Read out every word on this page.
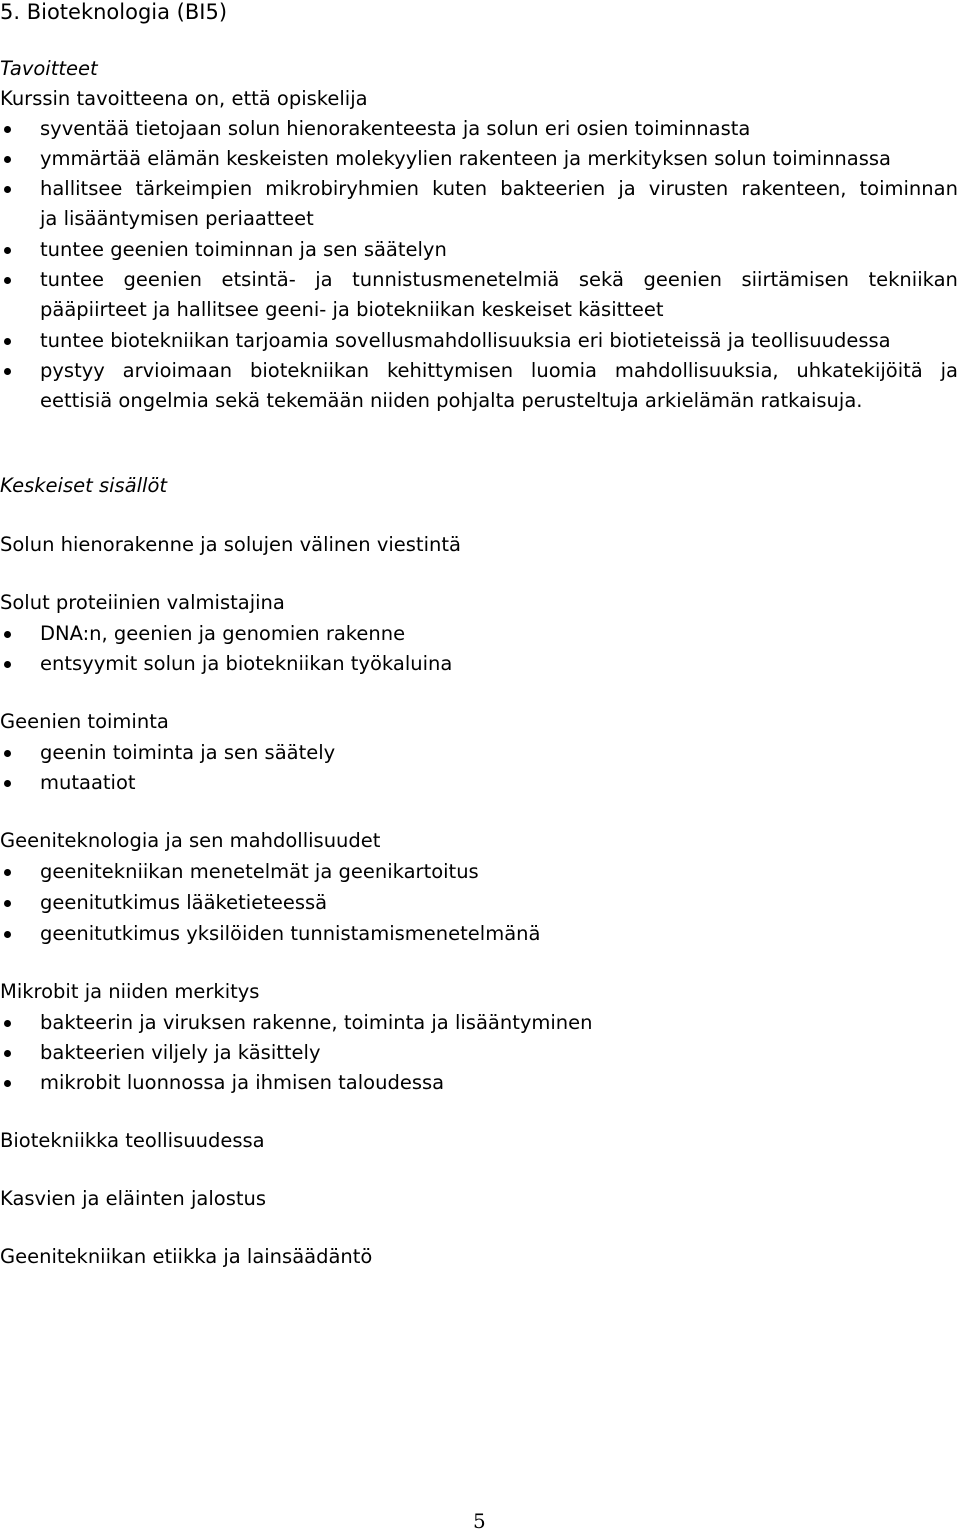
5. Bioteknologia (BI5)
Tavoitteet
Kurssin tavoitteena on, että opiskelija
syventää tietojaan solun hienorakenteesta ja solun eri osien toiminnasta
ymmärtää elämän keskeisten molekyylien rakenteen ja merkityksen solun toiminnassa
hallitsee tärkeimpien mikrobiryhmien kuten bakteerien ja virusten rakenteen, toiminnan
ja lisääntymisen periaatteet
tuntee geenien toiminnan ja sen säätelyn
tuntee geenien etsintä- ja tunnistusmenetelmiä sekä geenien siirtämisen tekniikan
pääpiirteet ja hallitsee geeni- ja biotekniikan keskeiset käsitteet
tuntee biotekniikan tarjoamia sovellusmahdollisuuksia eri biotieteissä ja teollisuudessa
pystyy arvioimaan biotekniikan kehittymisen luomia mahdollisuuksia, uhkatekijöitä ja
eettisiä ongelmia sekä tekemään niiden pohjalta perusteltuja arkielämän ratkaisuja.
Keskeiset sisällöt
Solun hienorakenne ja solujen välinen viestintä
Solut proteiinien valmistajina
DNA:n, geenien ja genomien rakenne
entsyymit solun ja biotekniikan työkaluina
Geenien toiminta
geenin toiminta ja sen säätely
mutaatiot
Geeniteknologia ja sen mahdollisuudet
geenitekniikan menetelmät ja geenikartoitus
geenitutkimus lääketieteessä
geenitutkimus yksilöiden tunnistamismenetelmänä
Mikrobit ja niiden merkitys
bakteerin ja viruksen rakenne, toiminta ja lisääntyminen
bakteerien viljely ja käsittely
mikrobit luonnossa ja ihmisen taloudessa
Biotekniikka teollisuudessa
Kasvien ja eläinten jalostus
Geenitekniikan etiikka ja lainsäädäntö
5
